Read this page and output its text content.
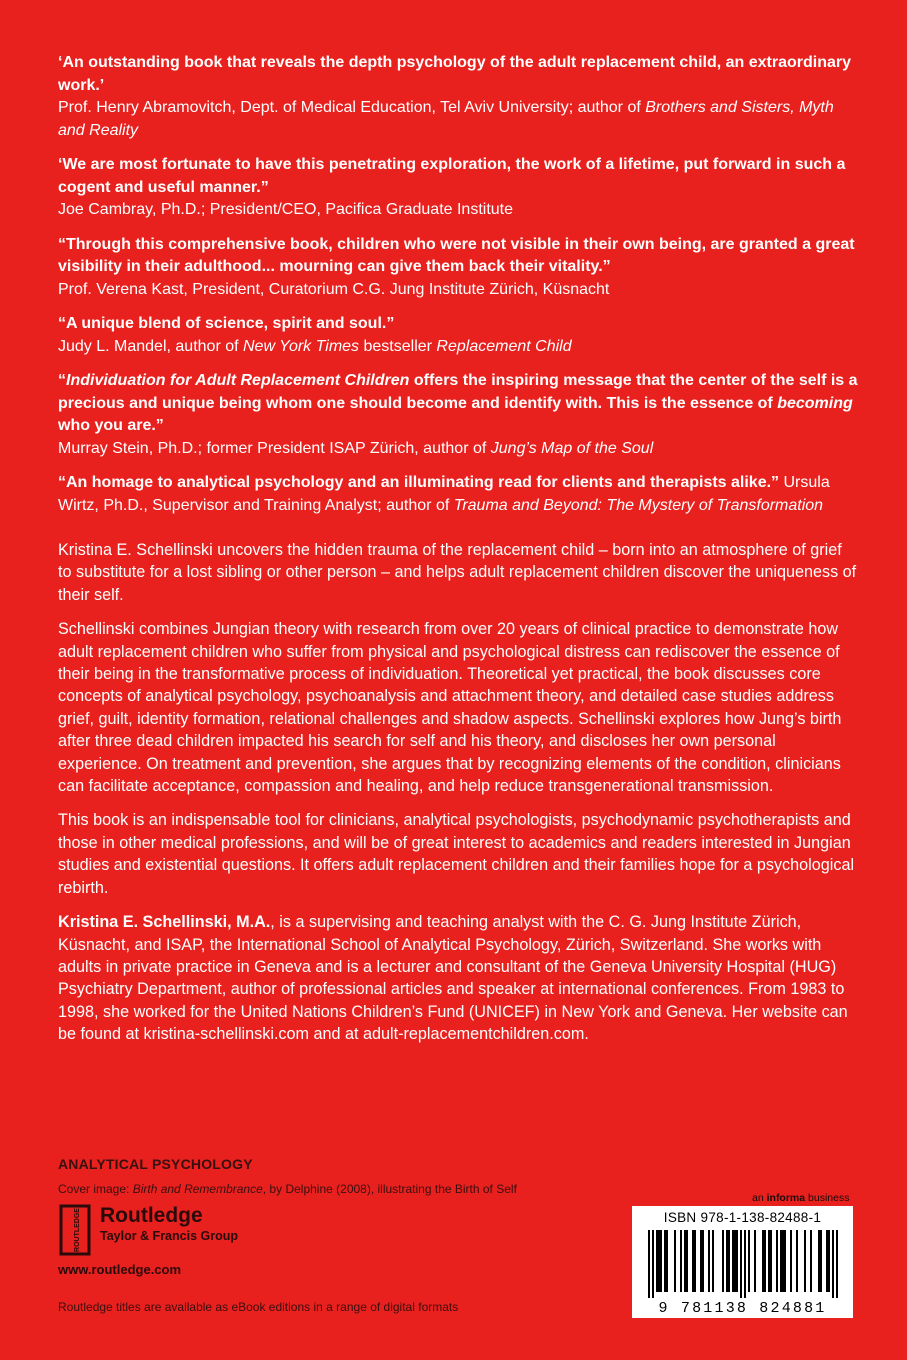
‘An outstanding book that reveals the depth psychology of the adult replacement child, an extraordinary work.’
Prof. Henry Abramovitch, Dept. of Medical Education, Tel Aviv University; author of Brothers and Sisters, Myth and Reality
‘We are most fortunate to have this penetrating exploration, the work of a lifetime, put forward in such a cogent and useful manner.”
Joe Cambray, Ph.D.; President/CEO, Pacifica Graduate Institute
“Through this comprehensive book, children who were not visible in their own being, are granted a great visibility in their adulthood... mourning can give them back their vitality.”
Prof. Verena Kast, President, Curatorium C.G. Jung Institute Zürich, Küsnacht
“A unique blend of science, spirit and soul.”
Judy L. Mandel, author of New York Times bestseller Replacement Child
“Individuation for Adult Replacement Children offers the inspiring message that the center of the self is a precious and unique being whom one should become and identify with. This is the essence of becoming who you are.”
Murray Stein, Ph.D.; former President ISAP Zürich, author of Jung’s Map of the Soul
“An homage to analytical psychology and an illuminating read for clients and therapists alike.” Ursula Wirtz, Ph.D., Supervisor and Training Analyst; author of Trauma and Beyond: The Mystery of Transformation

Kristina E. Schellinski uncovers the hidden trauma of the replacement child – born into an atmosphere of grief to substitute for a lost sibling or other person – and helps adult replacement children discover the uniqueness of their self.

Schellinski combines Jungian theory with research from over 20 years of clinical practice to demonstrate how adult replacement children who suffer from physical and psychological distress can rediscover the essence of their being in the transformative process of individuation. Theoretical yet practical, the book discusses core concepts of analytical psychology, psychoanalysis and attachment theory, and detailed case studies address grief, guilt, identity formation, relational challenges and shadow aspects. Schellinski explores how Jung’s birth after three dead children impacted his search for self and his theory, and discloses her own personal experience. On treatment and prevention, she argues that by recognizing elements of the condition, clinicians can facilitate acceptance, compassion and healing, and help reduce transgenerational transmission.

This book is an indispensable tool for clinicians, analytical psychologists, psychodynamic psychotherapists and those in other medical professions, and will be of great interest to academics and readers interested in Jungian studies and existential questions. It offers adult replacement children and their families hope for a psychological rebirth.

Kristina E. Schellinski, M.A., is a supervising and teaching analyst with the C. G. Jung Institute Zürich, Küsnacht, and ISAP, the International School of Analytical Psychology, Zürich, Switzerland. She works with adults in private practice in Geneva and is a lecturer and consultant of the Geneva University Hospital (HUG) Psychiatry Department, author of professional articles and speaker at international conferences. From 1983 to 1998, she worked for the United Nations Children’s Fund (UNICEF) in New York and Geneva. Her website can be found at kristina-schellinski.com and at adult-replacementchildren.com.

ANALYTICAL PSYCHOLOGY
Cover image: Birth and Remembrance, by Delphine (2008), illustrating the Birth of Self
ROUTLEDGE Routledge
Taylor & Francis Group
www.routledge.com
Routledge titles are available as eBook editions in a range of digital formats
an informa business
ISBN 978-1-138-82488-1
9 781138 824881
